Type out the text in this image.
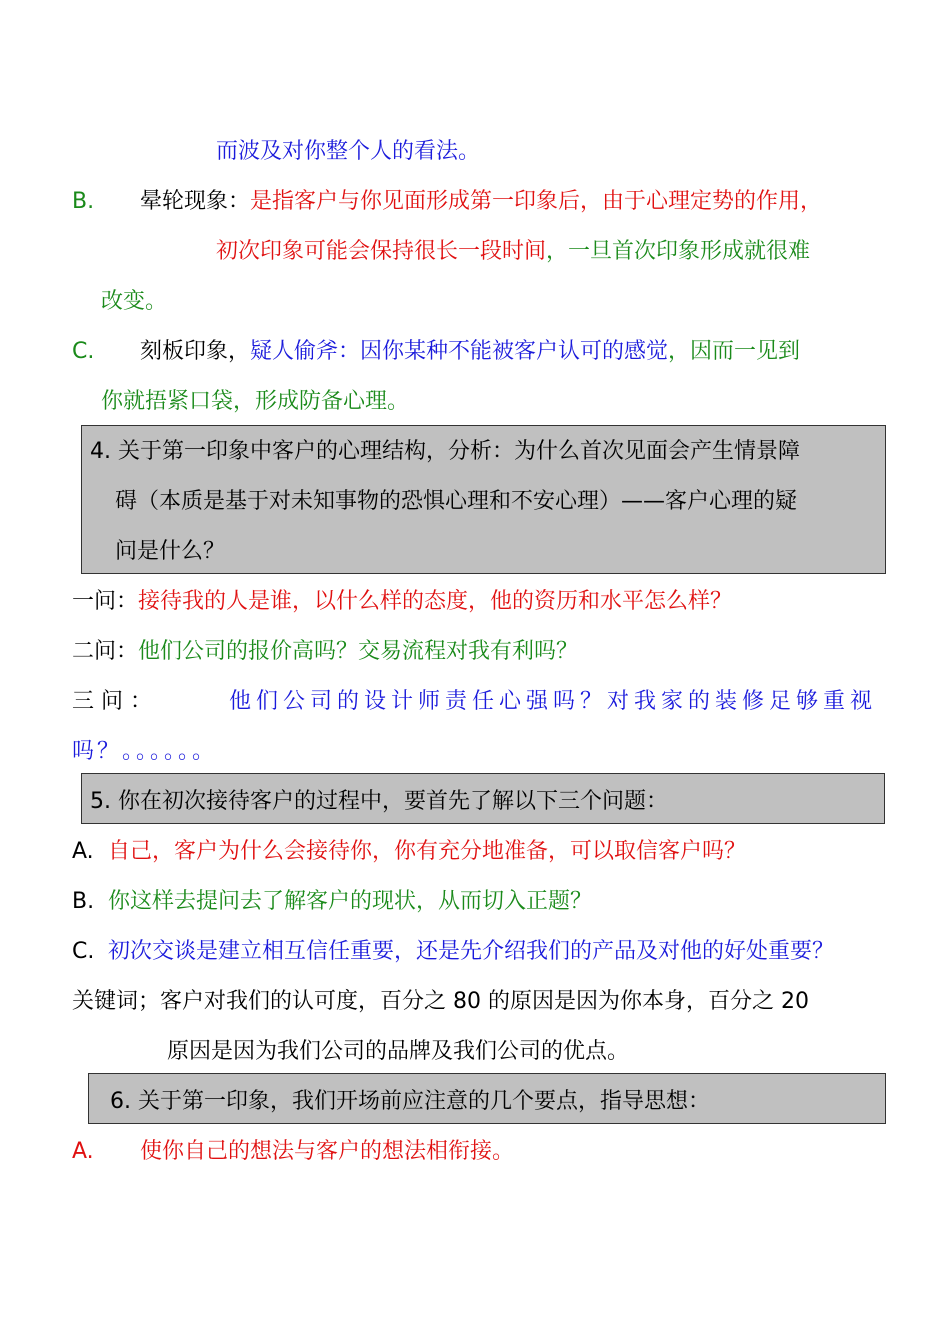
而波及对你整个人的看法。
B. 晕轮现象：是指客户与你见面形成第一印象后，由于心理定势的作用，
初次印象可能会保持很长一段时间，一旦首次印象形成就很难
改变。
C. 刻板印象，疑人偷斧：因你某种不能被客户认可的感觉，因而一见到
你就捂紧口袋，形成防备心理。
4. 关于第一印象中客户的心理结构，分析：为什么首次见面会产生情景障
碍（本质是基于对未知事物的恐惧心理和不安心理）——客户心理的疑
问是什么？
一问：接待我的人是谁，以什么样的态度，他的资历和水平怎么样？
二问：他们公司的报价高吗？交易流程对我有利吗？
三 问 ：	他们公司的设计师责任心强吗？对我家的装修足够重视
吗？。。。。。。
5. 你在初次接待客户的过程中，要首先了解以下三个问题：
A. 自己，客户为什么会接待你，你有充分地准备，可以取信客户吗？
B. 你这样去提问去了解客户的现状，从而切入正题？
C. 初次交谈是建立相互信任重要，还是先介绍我们的产品及对他的好处重要？
关键词；客户对我们的认可度，百分之 80 的原因是因为你本身，百分之 20
原因是因为我们公司的品牌及我们公司的优点。
6. 关于第一印象，我们开场前应注意的几个要点，指导思想：
A. 使你自己的想法与客户的想法相衔接。
